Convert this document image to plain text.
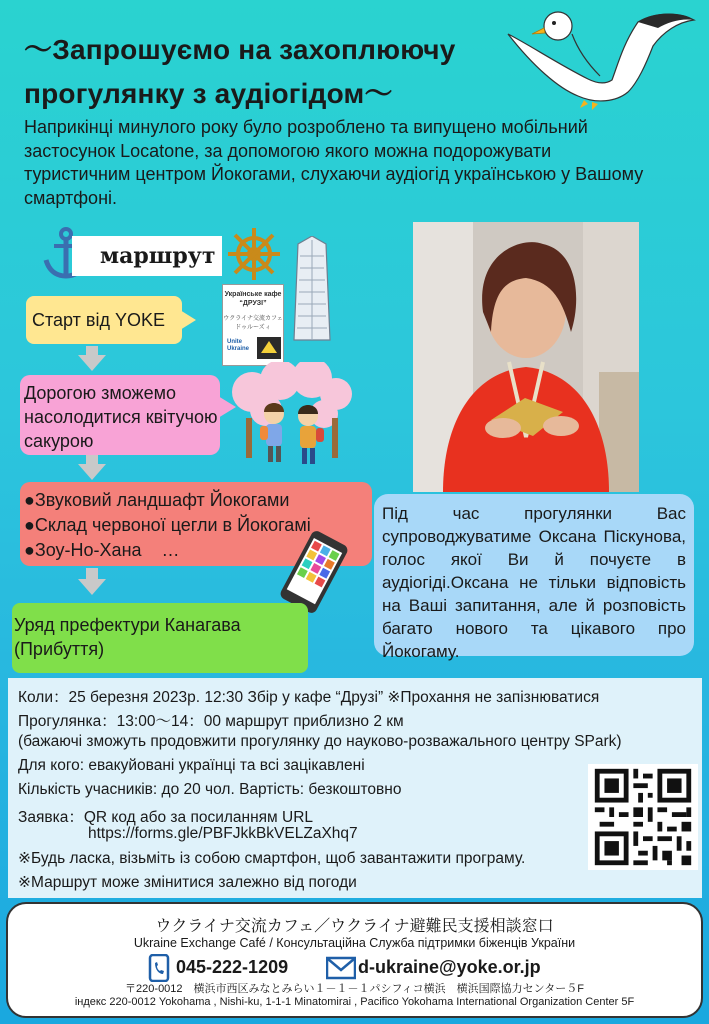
〜Запрошуємо на захоплюючу
прогулянку з аудіогідом〜
Наприкінці минулого року було розроблено та випущено мобільний застосунок Locatone, за допомогою якого можна подорожувати туристичним центром Йокогами, слухаючи аудіогід українською у Вашому смартфоні.
маршрут
Українське кафе
“ДРУЗІ”
ウクライナ交流カフェ
ドゥルーズィ
Unite Ukraine
Старт від YOKE
Дорогою зможемо насолодитися квітучою сакурою
●Звуковий ландшафт Йокогами
●Склад червоної цегли в Йокогамі
●Зоу-Но-Хана    …
Уряд префектури Канагава (Прибуття)
Під час прогулянки Вас супроводжуватиме Оксана Піскунова, голос якої Ви й почуєте в аудіогіді.Оксана не тільки відповість на Ваші запитання, але й розповість багато нового та цікавого про Йокогаму.
Коли：25 березня 2023р. 12:30 Збір у кафе “Друзі” ※Прохання не запізнюватися
Прогулянка：13:00〜14：00 маршрут приблизно 2 км
(бажаючі зможуть продовжити прогулянку до науково-розважального центру SPark)
Для кого: евакуйовані українці та всі зацікавлені
Кількість учасників: до 20 чол. Вартість: безкоштовно
Заявка：QR код або за посиланням URL
https://forms.gle/PBFJkkBkVELZaXhq7
※Будь ласка, візьміть із собою смартфон, щоб завантажити програму.
※Маршрут може змінитися залежно від погоди
ウクライナ交流カフェ／ウクライナ避難民支援相談窓口
Ukraine Exchange Café / Консультаційна Служба підтримки біженців України
045-222-1209	d-ukraine@yoke.or.jp
〒220-0012　横浜市西区みなとみらい１－１－１パシフィコ横浜　横浜国際協力センター５F
індекс 220-0012 Yokohama , Nishi-ku, 1-1-1 Minatomirai , Pacifico Yokohama International Organization Center 5F
